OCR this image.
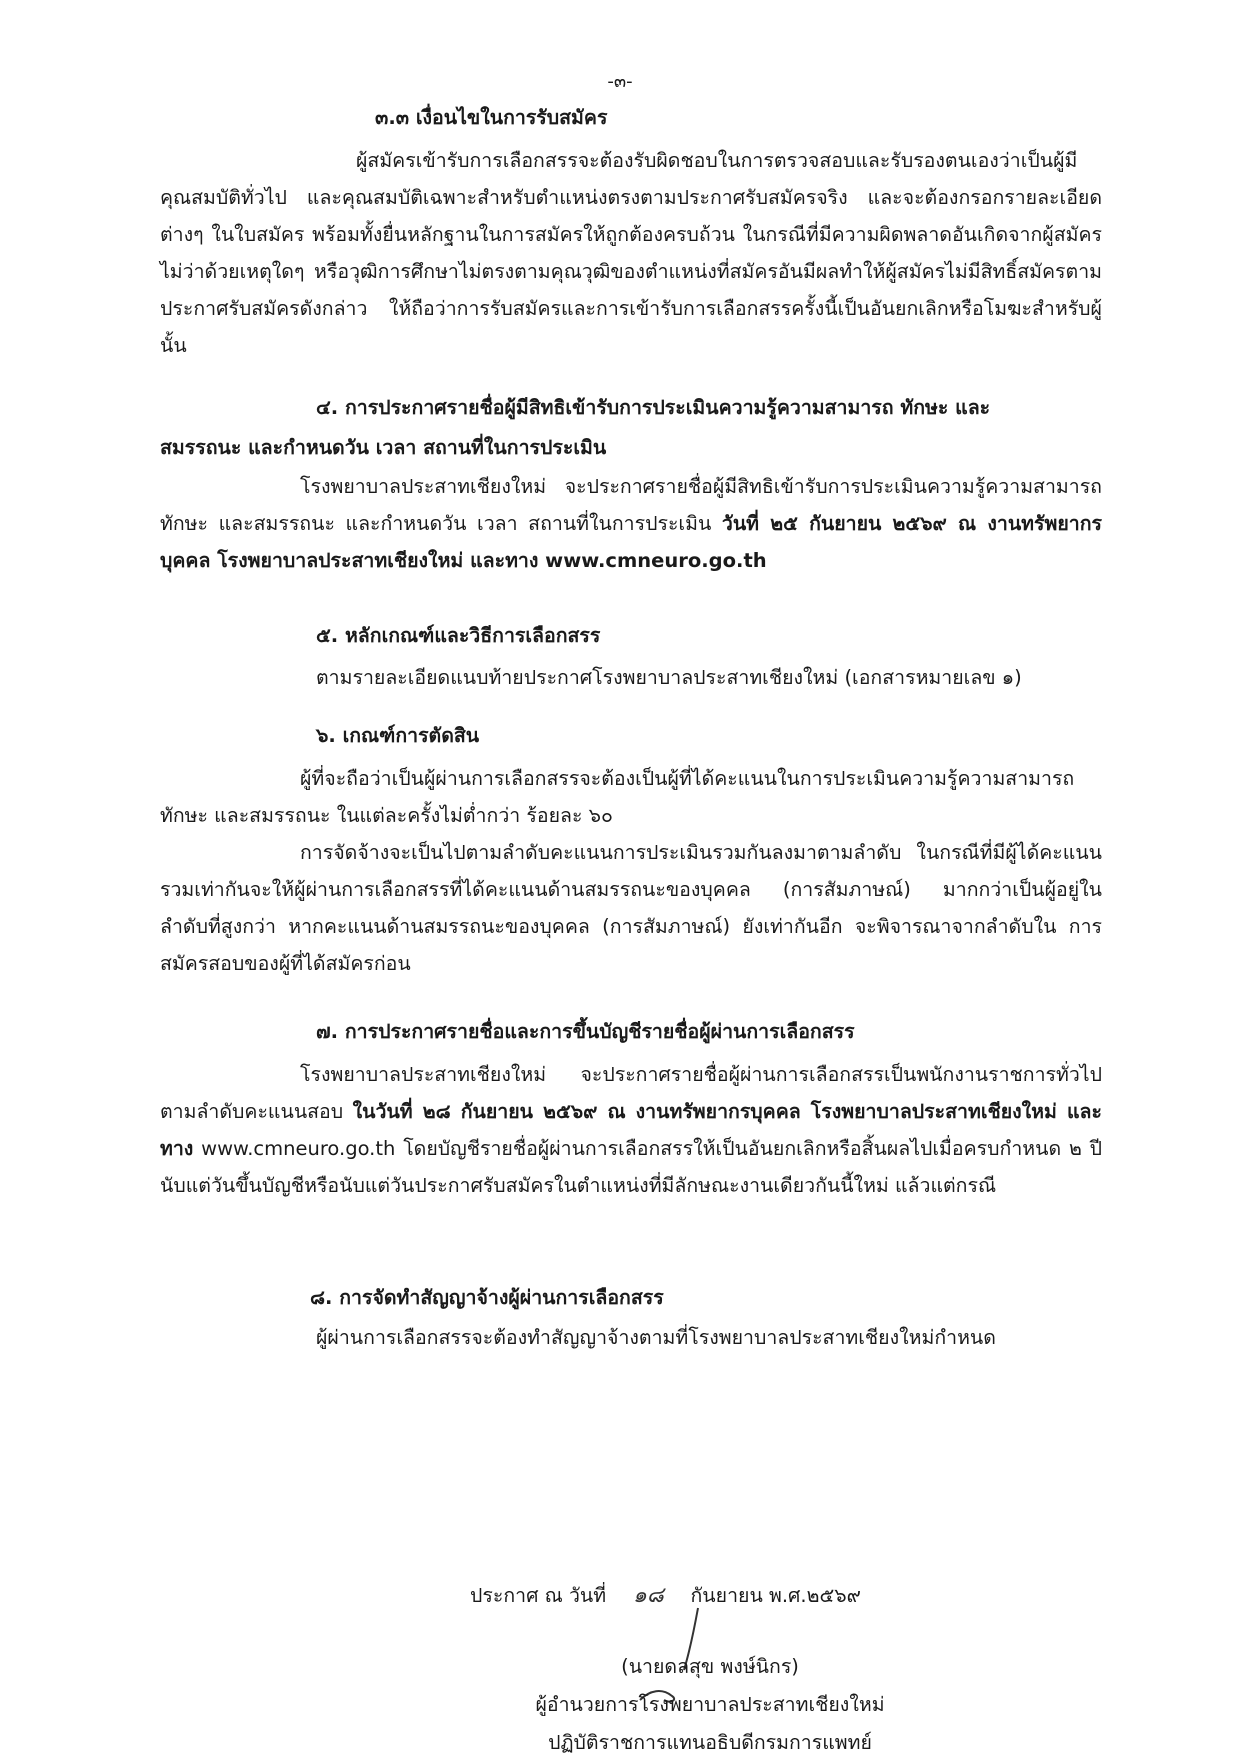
-๓-
๓.๓ เงื่อนไขในการรับสมัคร

ผู้สมัครเข้ารับการเลือกสรรจะต้องรับผิดชอบในการตรวจสอบและรับรองตนเองว่าเป็นผู้มีคุณสมบัติทั่วไป และคุณสมบัติเฉพาะสำหรับตำแหน่งตรงตามประกาศรับสมัครจริง และจะต้องกรอกรายละเอียดต่างๆ ในใบสมัคร พร้อมทั้งยื่นหลักฐานในการสมัครให้ถูกต้องครบถ้วน ในกรณีที่มีความผิดพลาดอันเกิดจากผู้สมัครไม่ว่าด้วยเหตุใดๆ หรือวุฒิการศึกษาไม่ตรงตามคุณวุฒิของตำแหน่งที่สมัครอันมีผลทำให้ผู้สมัครไม่มีสิทธิ์สมัครตามประกาศรับสมัครดังกล่าว ให้ถือว่าการรับสมัครและการเข้ารับการเลือกสรรครั้งนี้เป็นอันยกเลิกหรือโมฆะสำหรับผู้นั้น

๔. การประกาศรายชื่อผู้มีสิทธิเข้ารับการประเมินความรู้ความสามารถ ทักษะ และ
สมรรถนะ และกำหนดวัน เวลา สถานที่ในการประเมิน

โรงพยาบาลประสาทเชียงใหม่ จะประกาศรายชื่อผู้มีสิทธิเข้ารับการประเมินความรู้ความสามารถ ทักษะ และสมรรถนะ และกำหนดวัน เวลา สถานที่ในการประเมิน วันที่ ๒๕ กันยายน ๒๕๖๙ ณ งานทรัพยากรบุคคล โรงพยาบาลประสาทเชียงใหม่ และทาง www.cmneuro.go.th

๕. หลักเกณฑ์และวิธีการเลือกสรร
ตามรายละเอียดแนบท้ายประกาศโรงพยาบาลประสาทเชียงใหม่ (เอกสารหมายเลข ๑)
๖. เกณฑ์การตัดสิน

ผู้ที่จะถือว่าเป็นผู้ผ่านการเลือกสรรจะต้องเป็นผู้ที่ได้คะแนนในการประเมินความรู้ความสามารถ ทักษะ และสมรรถนะ ในแต่ละครั้งไม่ต่ำกว่า ร้อยละ ๖๐

การจัดจ้างจะเป็นไปตามลำดับคะแนนการประเมินรวมกันลงมาตามลำดับ ในกรณีที่มีผู้ได้คะแนน รวมเท่ากันจะให้ผู้ผ่านการเลือกสรรที่ได้คะแนนด้านสมรรถนะของบุคคล (การสัมภาษณ์) มากกว่าเป็นผู้อยู่ใน ลำดับที่สูงกว่า หากคะแนนด้านสมรรถนะของบุคคล (การสัมภาษณ์) ยังเท่ากันอีก จะพิจารณาจากลำดับใน การสมัครสอบของผู้ที่ได้สมัครก่อน

๗. การประกาศรายชื่อและการขึ้นบัญชีรายชื่อผู้ผ่านการเลือกสรร

โรงพยาบาลประสาทเชียงใหม่ จะประกาศรายชื่อผู้ผ่านการเลือกสรรเป็นพนักงานราชการทั่วไปตามลำดับคะแนนสอบ ในวันที่ ๒๘ กันยายน ๒๕๖๙ ณ งานทรัพยากรบุคคล โรงพยาบาลประสาทเชียงใหม่ และทาง www.cmneuro.go.th โดยบัญชีรายชื่อผู้ผ่านการเลือกสรรให้เป็นอันยกเลิกหรือสิ้นผลไปเมื่อครบกำหนด ๒ ปี นับแต่วันขึ้นบัญชีหรือนับแต่วันประกาศรับสมัครในตำแหน่งที่มีลักษณะงานเดียวกันนี้ใหม่ แล้วแต่กรณี

๘. การจัดทำสัญญาจ้างผู้ผ่านการเลือกสรร
ผู้ผ่านการเลือกสรรจะต้องทำสัญญาจ้างตามที่โรงพยาบาลประสาทเชียงใหม่กำหนด
ประกาศ ณ วันที่ ๑๘ กันยายน พ.ศ.๒๕๖๙
(นายดลสุข พงษ์นิกร)
ผู้อำนวยการโรงพยาบาลประสาทเชียงใหม่
ปฏิบัติราชการแทนอธิบดีกรมการแพทย์
